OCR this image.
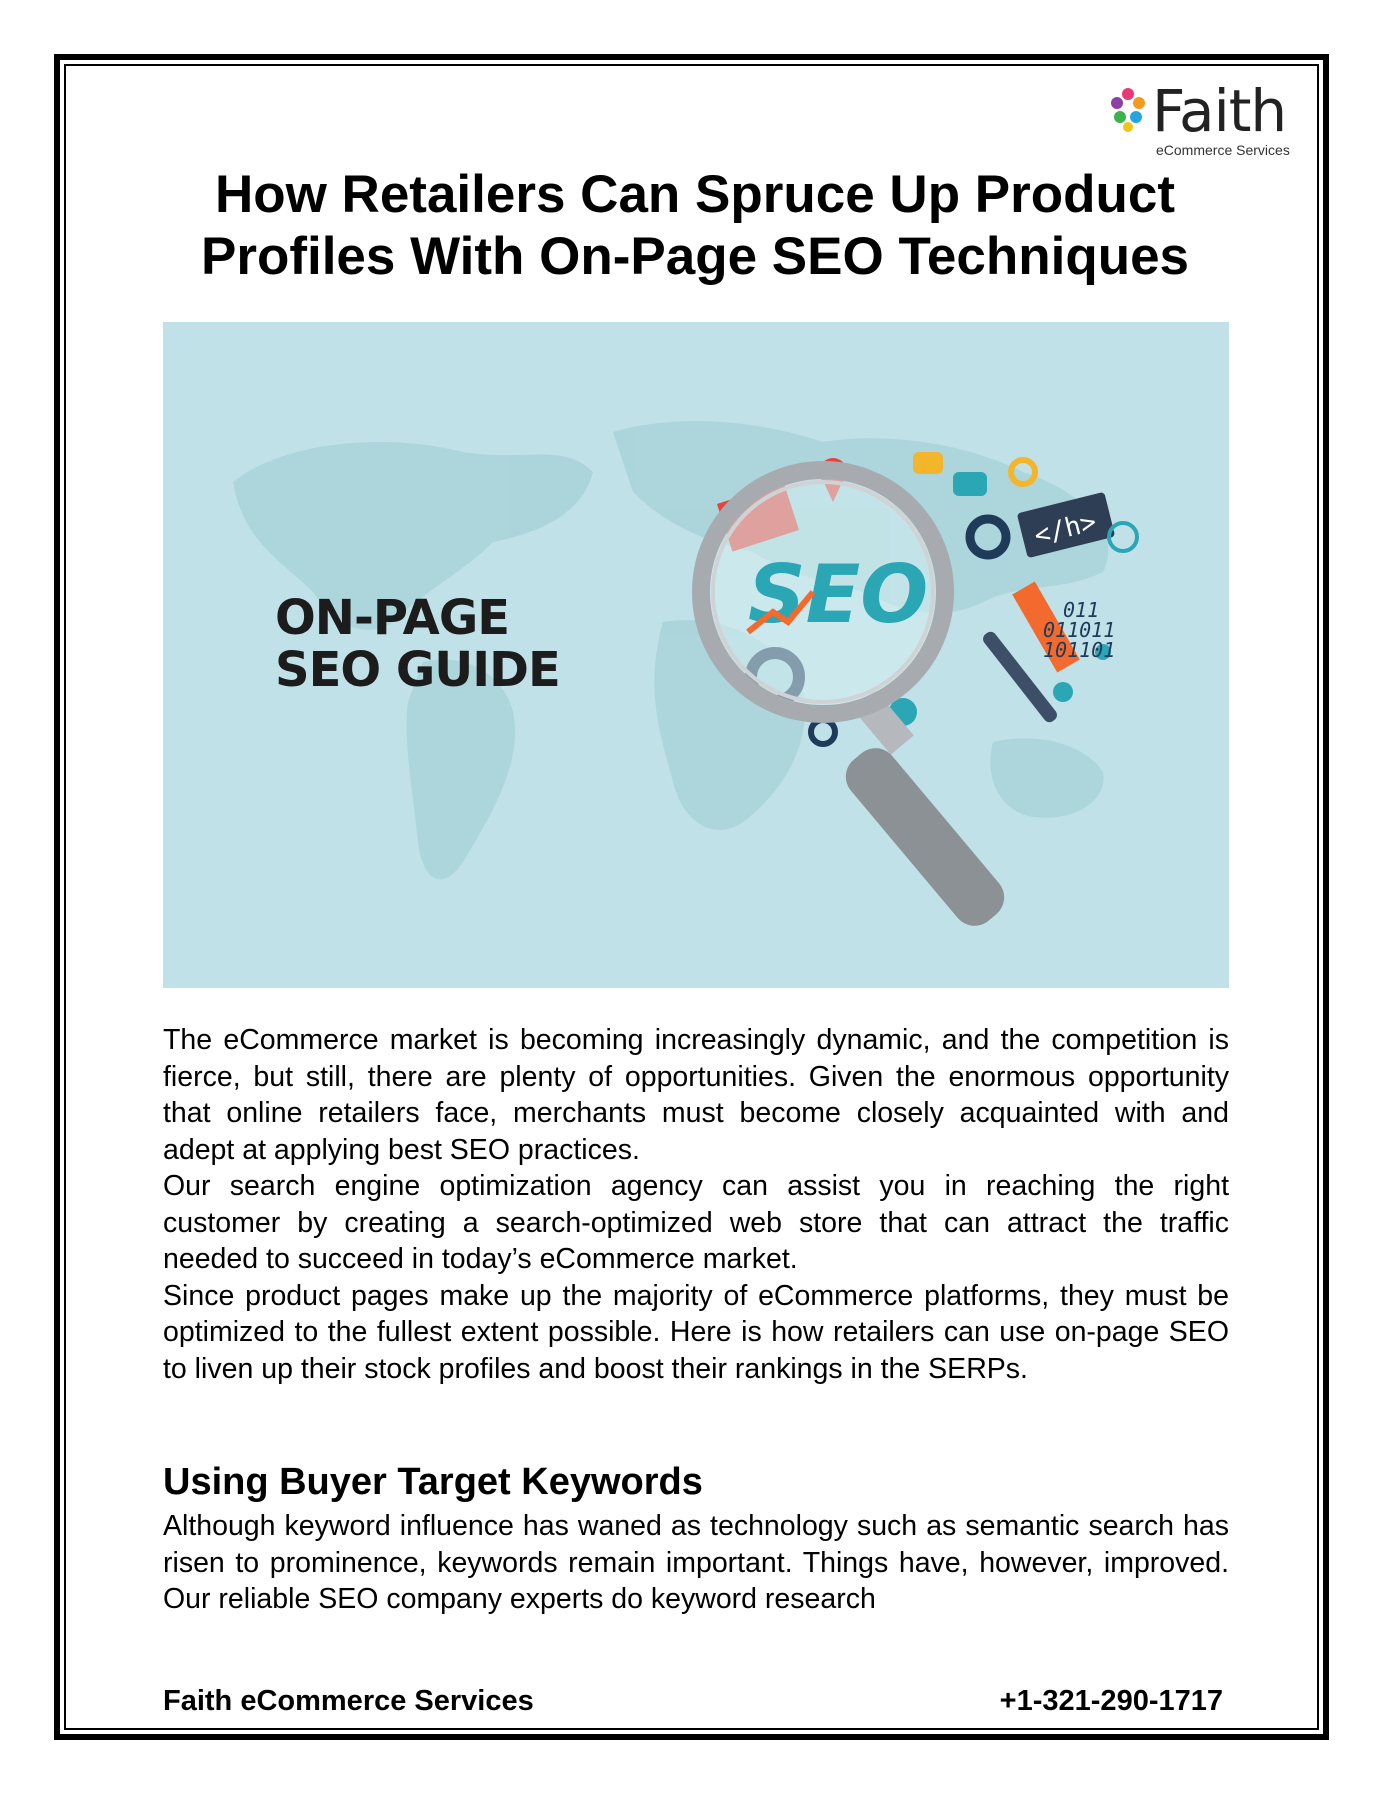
Faith
eCommerce Services
How Retailers Can Spruce Up Product
Profiles With On-Page SEO Techniques
</h>
011
011011
101101
SEO
ON-PAGE
SEO GUIDE

The eCommerce market is becoming increasingly dynamic, and the competition is fierce, but still, there are plenty of opportunities. Given the enormous opportunity that online retailers face, merchants must become closely acquainted with and adept at applying best SEO practices.

Our search engine optimization agency can assist you in reaching the right customer by creating a search-optimized web store that can attract the traffic needed to succeed in today’s eCommerce market.

Since product pages make up the majority of eCommerce platforms, they must be optimized to the fullest extent possible. Here is how retailers can use on-page SEO to liven up their stock profiles and boost their rankings in the SERPs.

Using Buyer Target Keywords

Although keyword influence has waned as technology such as semantic search has risen to prominence, keywords remain important. Things have, however, improved. Our reliable SEO company experts do keyword research

Faith eCommerce Services	+1-321-290-1717
